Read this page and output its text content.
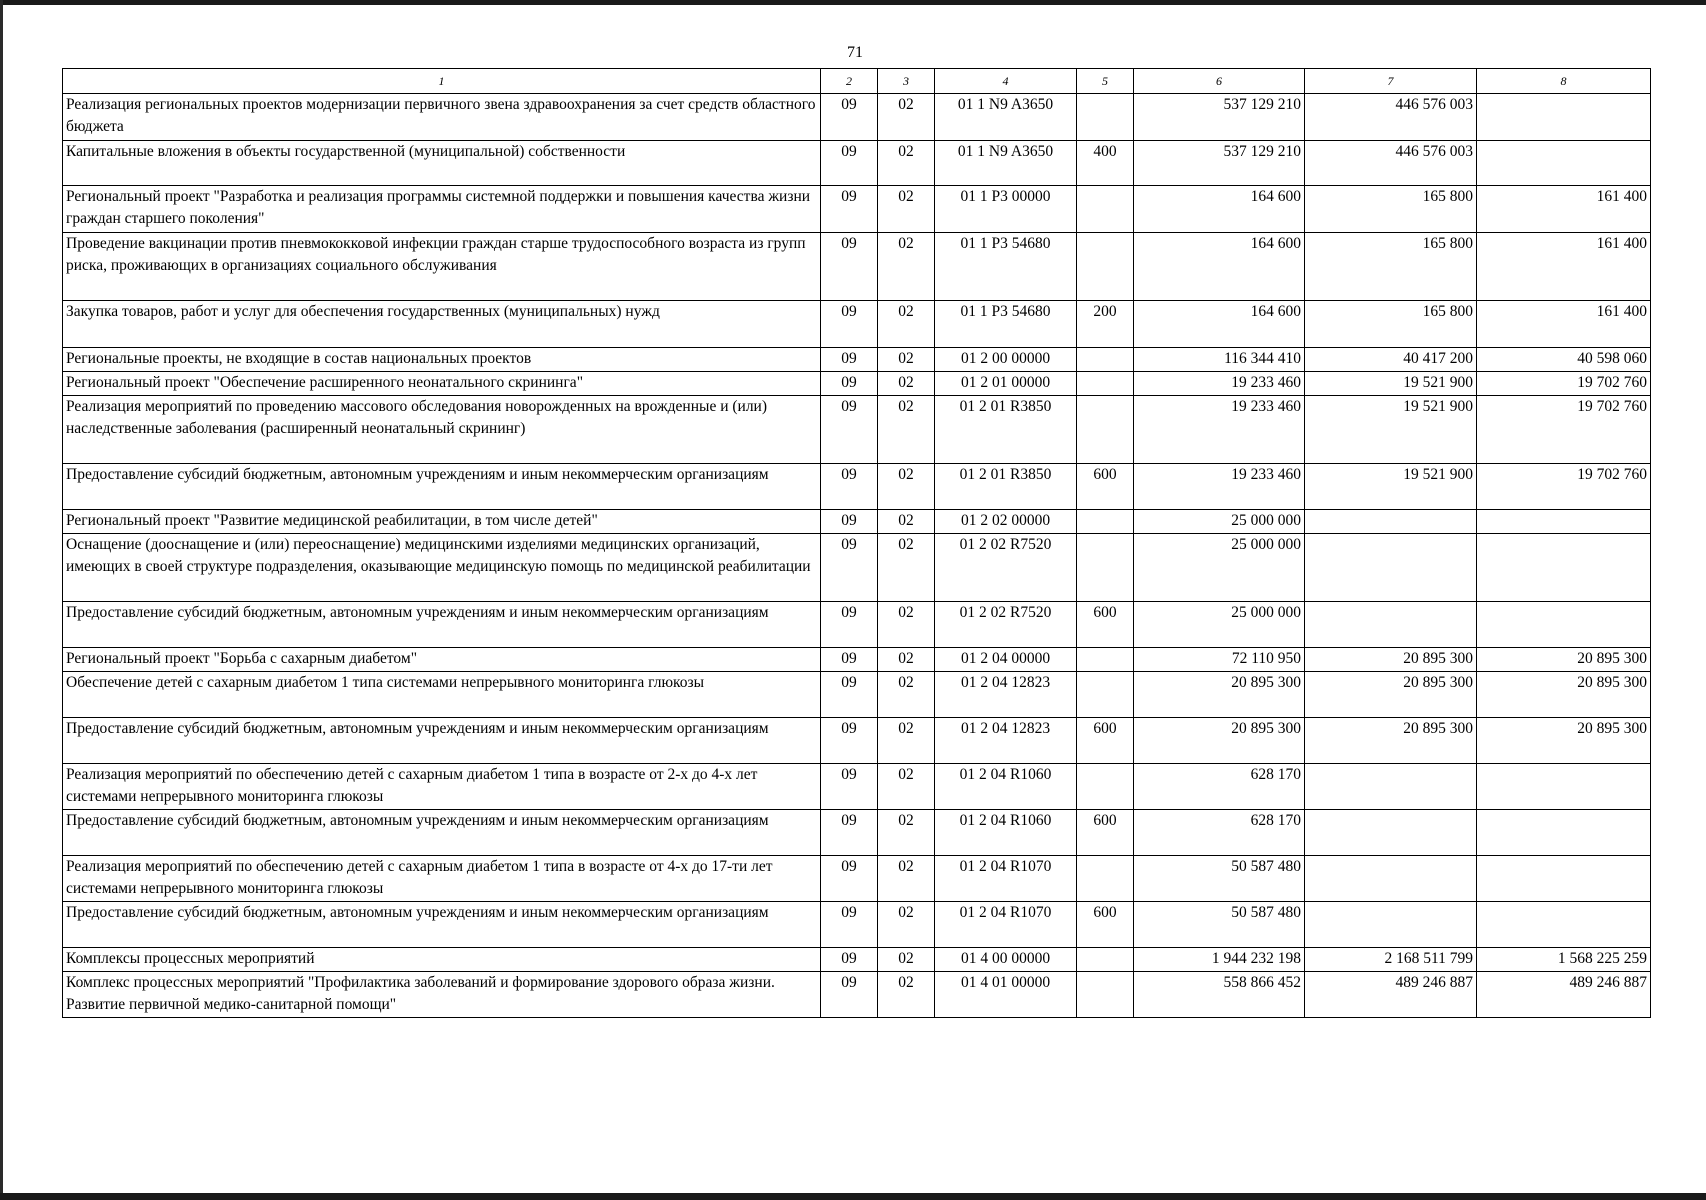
71
1	2	3	4	5	6	7	8
Реализация региональных проектов модернизации первичного звена здравоохранения за счет средств областного бюджета	09	02	01 1 N9 A3650		537 129 210	446 576 003	
Капитальные вложения в объекты государственной (муниципальной) собственности	09	02	01 1 N9 A3650	400	537 129 210	446 576 003	
Региональный проект "Разработка и реализация программы системной поддержки и повышения качества жизни граждан старшего поколения"	09	02	01 1 P3 00000		164 600	165 800	161 400
Проведение вакцинации против пневмококковой инфекции граждан старше трудоспособного возраста из групп риска, проживающих в организациях социального обслуживания	09	02	01 1 P3 54680		164 600	165 800	161 400
Закупка товаров, работ и услуг для обеспечения государственных (муниципальных) нужд	09	02	01 1 P3 54680	200	164 600	165 800	161 400
Региональные проекты, не входящие в состав национальных проектов	09	02	01 2 00 00000		116 344 410	40 417 200	40 598 060
Региональный проект "Обеспечение расширенного неонатального скрининга"	09	02	01 2 01 00000		19 233 460	19 521 900	19 702 760
Реализация мероприятий по проведению массового обследования новорожденных на врожденные и (или) наследственные заболевания (расширенный неонатальный скрининг)	09	02	01 2 01 R3850		19 233 460	19 521 900	19 702 760
Предоставление субсидий бюджетным, автономным учреждениям и иным некоммерческим организациям	09	02	01 2 01 R3850	600	19 233 460	19 521 900	19 702 760
Региональный проект "Развитие медицинской реабилитации, в том числе детей"	09	02	01 2 02 00000		25 000 000		
Оснащение (дооснащение и (или) переоснащение) медицинскими изделиями медицинских организаций, имеющих в своей структуре подразделения, оказывающие медицинскую помощь по медицинской реабилитации	09	02	01 2 02 R7520		25 000 000		
Предоставление субсидий бюджетным, автономным учреждениям и иным некоммерческим организациям	09	02	01 2 02 R7520	600	25 000 000		
Региональный проект "Борьба с сахарным диабетом"	09	02	01 2 04 00000		72 110 950	20 895 300	20 895 300
Обеспечение детей с сахарным диабетом 1 типа системами непрерывного мониторинга глюкозы	09	02	01 2 04 12823		20 895 300	20 895 300	20 895 300
Предоставление субсидий бюджетным, автономным учреждениям и иным некоммерческим организациям	09	02	01 2 04 12823	600	20 895 300	20 895 300	20 895 300
Реализация мероприятий по обеспечению детей с сахарным диабетом 1 типа в возрасте от 2-х до 4-х лет системами непрерывного мониторинга глюкозы	09	02	01 2 04 R1060		628 170		
Предоставление субсидий бюджетным, автономным учреждениям и иным некоммерческим организациям	09	02	01 2 04 R1060	600	628 170		
Реализация мероприятий по обеспечению детей с сахарным диабетом 1 типа в возрасте от 4-х до 17-ти лет системами непрерывного мониторинга глюкозы	09	02	01 2 04 R1070		50 587 480		
Предоставление субсидий бюджетным, автономным учреждениям и иным некоммерческим организациям	09	02	01 2 04 R1070	600	50 587 480		
Комплексы процессных мероприятий	09	02	01 4 00 00000		1 944 232 198	2 168 511 799	1 568 225 259
Комплекс процессных мероприятий "Профилактика заболеваний и формирование здорового образа жизни. Развитие первичной медико-санитарной помощи"	09	02	01 4 01 00000		558 866 452	489 246 887	489 246 887
